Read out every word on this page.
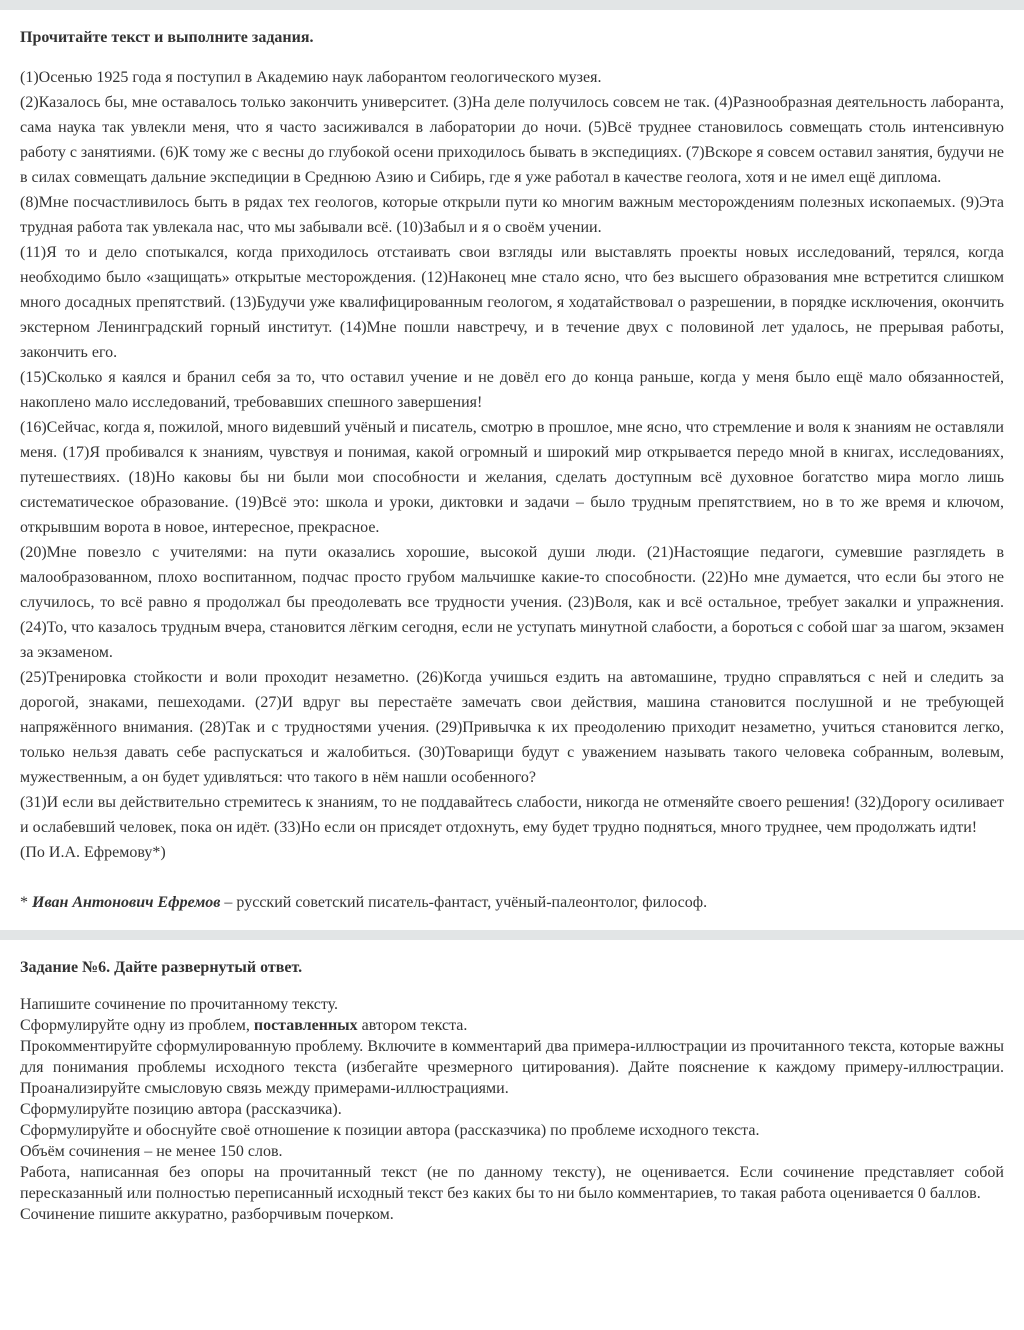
Прочитайте текст и выполните задания.

(1)Осенью 1925 года я поступил в Академию наук лаборантом геологического музея.

(2)Казалось бы, мне оставалось только закончить университет. (3)На деле получилось совсем не так. (4)Разнообразная деятельность лаборанта, сама наука так увлекли меня, что я часто засиживался в лаборатории до ночи. (5)Всё труднее становилось совмещать столь интенсивную работу с занятиями. (6)К тому же с весны до глубокой осени приходилось бывать в экспедициях. (7)Вскоре я совсем оставил занятия, будучи не в силах совмещать дальние экспедиции в Среднюю Азию и Сибирь, где я уже работал в качестве геолога, хотя и не имел ещё диплома.

(8)Мне посчастливилось быть в рядах тех геологов, которые открыли пути ко многим важным месторождениям полезных ископаемых. (9)Эта трудная работа так увлекала нас, что мы забывали всё. (10)Забыл и я о своём учении.

(11)Я то и дело спотыкался, когда приходилось отстаивать свои взгляды или выставлять проекты новых исследований, терялся, когда необходимо было «защищать» открытые месторождения. (12)Наконец мне стало ясно, что без высшего образования мне встретится слишком много досадных препятствий. (13)Будучи уже квалифицированным геологом, я ходатайствовал о разрешении, в порядке исключения, окончить экстерном Ленинградский горный институт. (14)Мне пошли навстречу, и в течение двух с половиной лет удалось, не прерывая работы, закончить его.

(15)Сколько я каялся и бранил себя за то, что оставил учение и не довёл его до конца раньше, когда у меня было ещё мало обязанностей, накоплено мало исследований, требовавших спешного завершения!

(16)Сейчас, когда я, пожилой, много видевший учёный и писатель, смотрю в прошлое, мне ясно, что стремление и воля к знаниям не оставляли меня. (17)Я пробивался к знаниям, чувствуя и понимая, какой огромный и широкий мир открывается передо мной в книгах, исследованиях, путешествиях. (18)Но каковы бы ни были мои способности и желания, сделать доступным всё духовное богатство мира могло лишь систематическое образование. (19)Всё это: школа и уроки, диктовки и задачи – было трудным препятствием, но в то же время и ключом, открывшим ворота в новое, интересное, прекрасное.

(20)Мне повезло с учителями: на пути оказались хорошие, высокой души люди. (21)Настоящие педагоги, сумевшие разглядеть в малообразованном, плохо воспитанном, подчас просто грубом мальчишке какие-то способности. (22)Но мне думается, что если бы этого не случилось, то всё равно я продолжал бы преодолевать все трудности учения. (23)Воля, как и всё остальное, требует закалки и упражнения. (24)То, что казалось трудным вчера, становится лёгким сегодня, если не уступать минутной слабости, а бороться с собой шаг за шагом, экзамен за экзаменом.

(25)Тренировка стойкости и воли проходит незаметно. (26)Когда учишься ездить на автомашине, трудно справляться с ней и следить за дорогой, знаками, пешеходами. (27)И вдруг вы перестаёте замечать свои действия, машина становится послушной и не требующей напряжённого внимания. (28)Так и с трудностями учения. (29)Привычка к их преодолению приходит незаметно, учиться становится легко, только нельзя давать себе распускаться и жалобиться. (30)Товарищи будут с уважением называть такого человека собранным, волевым, мужественным, а он будет удивляться: что такого в нём нашли особенного?

(31)И если вы действительно стремитесь к знаниям, то не поддавайтесь слабости, никогда не отменяйте своего решения! (32)Дорогу осиливает и ослабевший человек, пока он идёт. (33)Но если он присядет отдохнуть, ему будет трудно подняться, много труднее, чем продолжать идти!

(По И.А. Ефремову*)

* Иван Антонович Ефремов – русский советский писатель-фантаст, учёный-палеонтолог, философ.
Задание №6. Дайте развернутый ответ.

Напишите сочинение по прочитанному тексту.

Сформулируйте одну из проблем, поставленных автором текста.

Прокомментируйте сформулированную проблему. Включите в комментарий два примера-иллюстрации из прочитанного текста, которые важны для понимания проблемы исходного текста (избегайте чрезмерного цитирования). Дайте пояснение к каждому примеру-иллюстрации. Проанализируйте смысловую связь между примерами-иллюстрациями.

Сформулируйте позицию автора (рассказчика).

Сформулируйте и обоснуйте своё отношение к позиции автора (рассказчика) по проблеме исходного текста.

Объём сочинения – не менее 150 слов.

Работа, написанная без опоры на прочитанный текст (не по данному тексту), не оценивается. Если сочинение представляет собой пересказанный или полностью переписанный исходный текст без каких бы то ни было комментариев, то такая работа оценивается 0 баллов.

Сочинение пишите аккуратно, разборчивым почерком.
